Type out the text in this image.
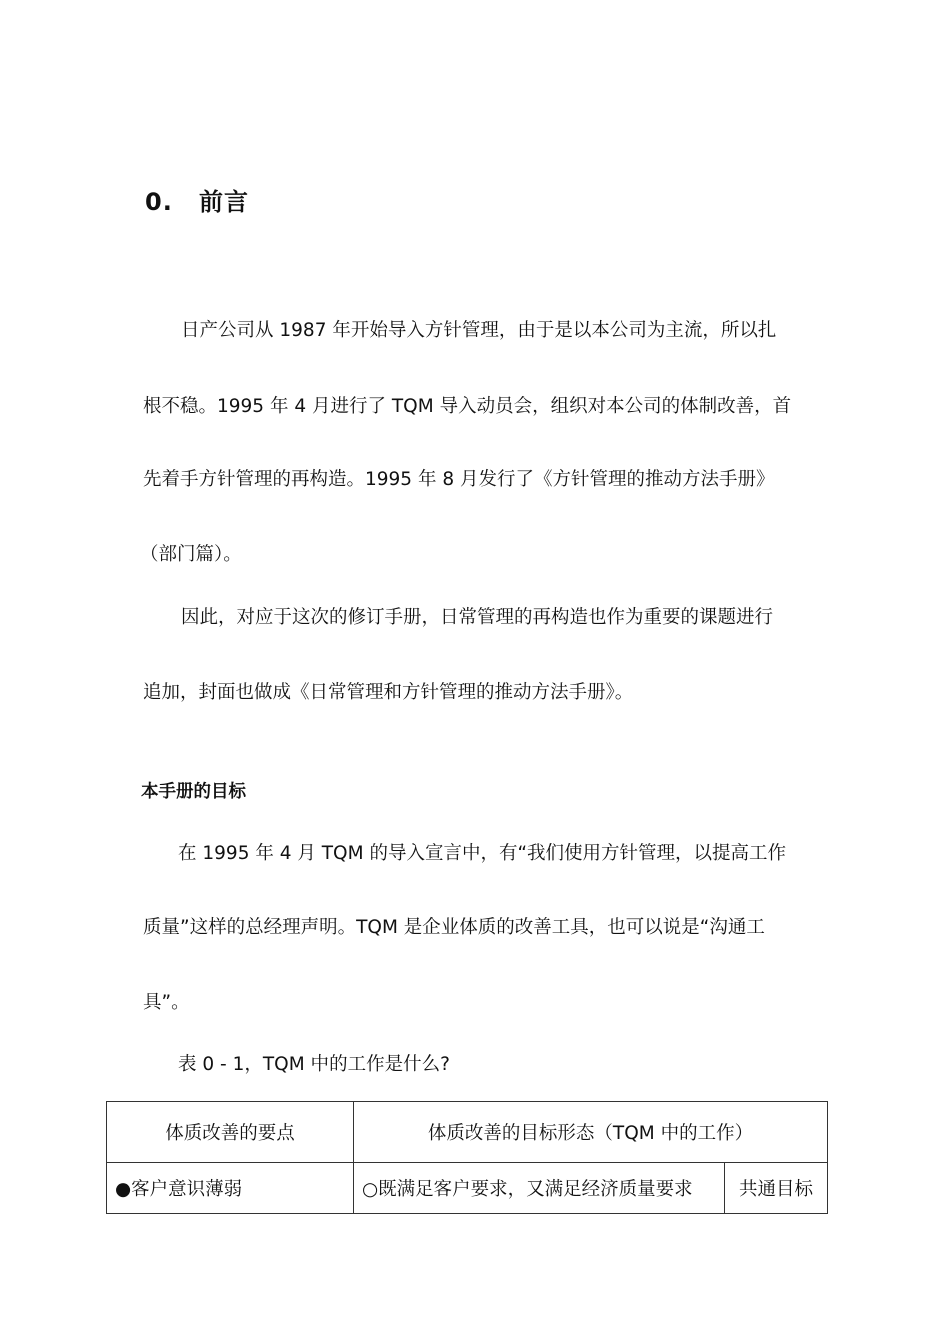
0. 前言
日产公司从 1987 年开始导入方针管理，由于是以本公司为主流，所以扎
根不稳。1995 年 4 月进行了 TQM 导入动员会，组织对本公司的体制改善，首
先着手方针管理的再构造。1995 年 8 月发行了《方针管理的推动方法手册》
（部门篇）。
因此，对应于这次的修订手册，日常管理的再构造也作为重要的课题进行
追加，封面也做成《日常管理和方针管理的推动方法手册》。
本手册的目标
在 1995 年 4 月 TQM 的导入宣言中，有“我们使用方针管理，以提高工作
质量”这样的总经理声明。TQM 是企业体质的改善工具，也可以说是“沟通工
具”。
表 0 - 1，TQM 中的工作是什么?
体质改善的要点	体质改善的目标形态（TQM 中的工作）	
●客户意识薄弱	○既满足客户要求，又满足经济质量要求	共通目标
